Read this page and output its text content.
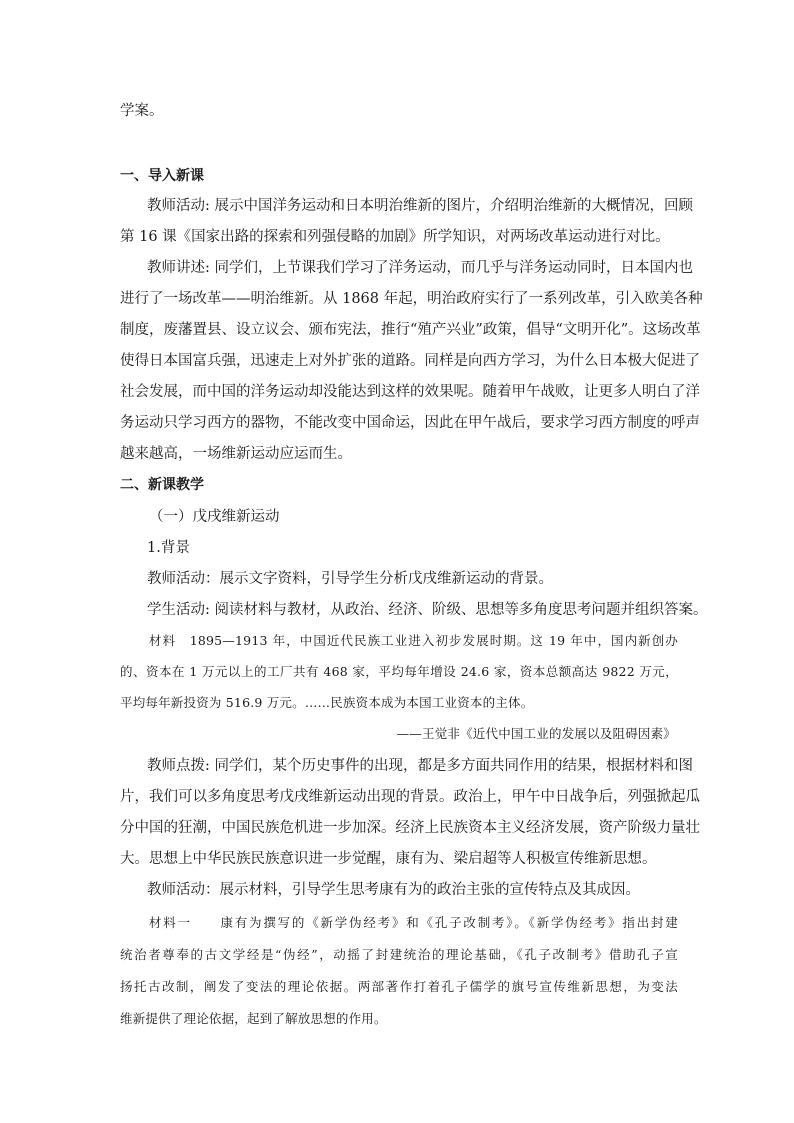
学案。
一、导入新课
教师活动: 展示中国洋务运动和日本明治维新的图片，介绍明治维新的大概情况，回顾
第 16 课《国家出路的探索和列强侵略的加剧》所学知识，对两场改革运动进行对比。
教师讲述: 同学们，上节课我们学习了洋务运动，而几乎与洋务运动同时，日本国内也
进行了一场改革——明治维新。从 1868 年起，明治政府实行了一系列改革，引入欧美各种
制度，废藩置县、设立议会、颁布宪法，推行“殖产兴业”政策，倡导“文明开化”。这场改革
使得日本国富兵强，迅速走上对外扩张的道路。同样是向西方学习，为什么日本极大促进了
社会发展，而中国的洋务运动却没能达到这样的效果呢。随着甲午战败，让更多人明白了洋
务运动只学习西方的器物，不能改变中国命运，因此在甲午战后，要求学习西方制度的呼声
越来越高，一场维新运动应运而生。
二、新课教学
（一）戊戌维新运动
1.背景
教师活动：展示文字资料，引导学生分析戊戌维新运动的背景。
学生活动: 阅读材料与教材，从政治、经济、阶级、思想等多角度思考问题并组织答案。
材料　1895—1913 年，中国近代民族工业进入初步发展时期。这 19 年中，国内新创办
的、资本在 1 万元以上的工厂共有 468 家，平均每年增设 24.6 家，资本总额高达 9822 万元，
平均每年新投资为 516.9 万元。……民族资本成为本国工业资本的主体。
——王觉非《近代中国工业的发展以及阻碍因素》
教师点拨: 同学们，某个历史事件的出现，都是多方面共同作用的结果，根据材料和图
片，我们可以多角度思考戊戌维新运动出现的背景。政治上，甲午中日战争后，列强掀起瓜
分中国的狂潮，中国民族危机进一步加深。经济上民族资本主义经济发展，资产阶级力量壮
大。思想上中华民族民族意识进一步觉醒，康有为、梁启超等人积极宣传维新思想。
教师活动：展示材料，引导学生思考康有为的政治主张的宣传特点及其成因。
材料一　　康有为撰写的《新学伪经考》和《孔子改制考》。《新学伪经考》指出封建
统治者尊奉的古文学经是“伪经”，动摇了封建统治的理论基础，《孔子改制考》借助孔子宣
扬托古改制，阐发了变法的理论依据。两部著作打着孔子儒学的旗号宣传维新思想，为变法
维新提供了理论依据，起到了解放思想的作用。
